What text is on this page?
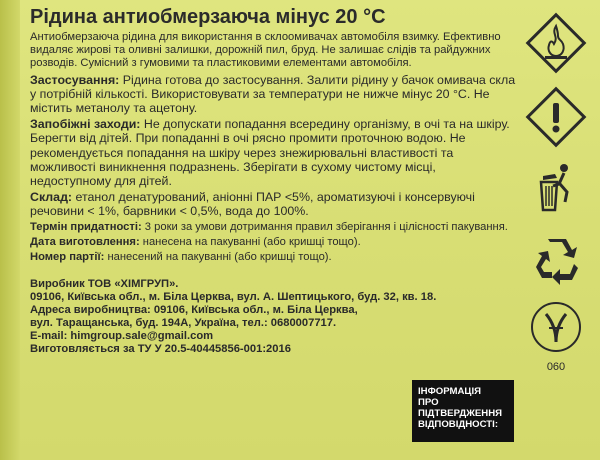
Рідина антиобмерзаюча мінус 20 °С

Антиобмерзаюча рідина для використання в склоомивачах автомобіля взимку. Ефективно видаляє жирові та оливні залишки, дорожній пил, бруд. Не залишає слідів та райдужних розводів. Сумісний з гумовими та пластиковими елементами автомобіля.

Застосування: Рідина готова до застосування. Залити рідину у бачок омивача скла у потрібній кількості. Використовувати за температури не нижче мінус 20 °С. Не містить метанолу та ацетону.

Запобіжні заходи: Не допускати попадання всередину організму, в очі та на шкіру. Берегти від дітей. При попаданні в очі рясно промити проточною водою. Не рекомендується попадання на шкіру через знежирювальні властивості та можливості виникнення подразнень. Зберігати в сухому чистому місці, недоступному для дітей.

Склад: етанол денатурований, аніонні ПАР <5%, ароматизуючі і консервуючі речовини < 1%, барвники < 0,5%, вода до 100%.

Термін придатності: 3 роки за умови дотримання правил зберігання і цілісності пакування.

Дата виготовлення: нанесена на пакуванні (або кришці тощо).

Номер партії: нанесений на пакуванні (або кришці тощо).

Виробник ТОВ «ХІМГРУП».
09106, Київська обл., м. Біла Церква, вул. А. Шептицького, буд. 32, кв. 18.
Адреса виробництва: 09106, Київська обл., м. Біла Церква,
вул. Таращанська, буд. 194А, Україна, тел.: 0680007717.
E-mail: himgroup.sale@gmail.com
Виготовляється за ТУ У 20.5-40445856-001:2016
060
ІНФОРМАЦІЯ
ПРО
ПІДТВЕРДЖЕННЯ
ВІДПОВІДНОСТІ:
